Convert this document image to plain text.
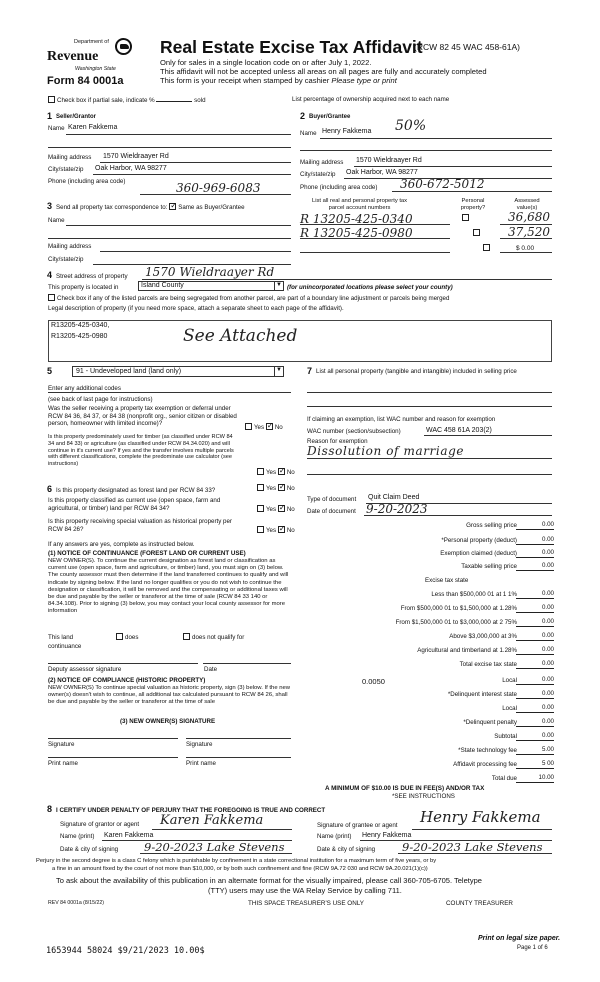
Department of
Revenue
Washington State
Form 84 0001a
Real Estate Excise Tax Affidavit
(RCW 82 45 WAC 458-61A)
Only for sales in a single location code on or after July 1, 2022.
This affidavit will not be accepted unless all areas on all pages are fully and accurately completed
This form is your receipt when stamped by cashier Please type or print
Check box if partial sale, indicate %	sold	List percentage of ownership acquired next to each name
1 Seller/Grantor
Name Karen Fakkema
Mailing address 1570 Wieldraayer Rd
City/state/zip Oak Harbor, WA 98277
Phone (including area code)	360-969-6083
2 Buyer/Grantee
Name Henry Fakkema 50%
Mailing address 1570 Wieldraayer Rd
City/state/zip Oak Harbor, WA 98277
Phone (including area code) 360-672-5012
3 Send all property tax correspondence to: ✓ Same as Buyer/Grantee
Name
Mailing address
City/state/zip
List all real and personal property tax
parcel account numbers
Personal property?
Assessed value(s)
R 13205-425-0340
	36,680
R 13205-425-0980
	37,520
$ 0.00
4 Street address of property 1570 Wieldraayer Rd
This property is located in	Island County	▼ (for unincorporated locations please select your county)
Check box if any of the listed parcels are being segregated from another parcel, are part of a boundary line adjustment or parcels being merged
Legal description of property (if you need more space, attach a separate sheet to each page of the affidavit).
R13205-425-0340,
R13205-425-0980	See Attached
5	91 - Undeveloped land (land only)	▼
Enter any additional codes
(see back of last page for instructions)
Was the seller receiving a property tax exemption or deferral under RCW 84 36, 84 37, or 84 38 (nonprofit org., senior citizen or disabled person, homeowner with limited income)?
Yes ✓ No
Is this property predominately used for timber (as classified under RCW 84 34 and 84 33) or agriculture (as classified under RCW 84.34.020) and will continue in it's current use? If yes and the transfer involves multiple parcels with different classifications, complete the predominate use calculator (see instructions)
Yes ✓ No
6 Is this property designated as forest land per RCW 84 33?	Yes ✓ No
Is this property classified as current use (open space, farm and agricultural, or timber) land per RCW 84 34?	Yes ✓ No
Is this property receiving special valuation as historical property per RCW 84 26?	Yes ✓ No
If any answers are yes, complete as instructed below.
(1) NOTICE OF CONTINUANCE (FOREST LAND OR CURRENT USE)
NEW OWNER(S). To continue the current designation as forest land or classification as current use (open space, farm and agriculture, or timber) land, you must sign on (3) below. The county assessor must then determine if the land transferred continues to qualify and will indicate by signing below. If the land no longer qualifies or you do not wish to continue the designation or classification, it will be removed and the compensating or additional taxes will be due and payable by the seller or transferor at the time of sale (RCW 84 33 140 or 84.34.108). Prior to signing (3) below, you may contact your local county assessor for more information
This land	does	does not qualify for
continuance
Deputy assessor signature	Date
(2) NOTICE OF COMPLIANCE (HISTORIC PROPERTY)
NEW OWNER(S) To continue special valuation as historic property, sign (3) below. If the new owner(s) doesn't wish to continue, all additional tax calculated pursuant to RCW 84 26, shall be due and payable by the seller or transferor at the time of sale
(3) NEW OWNER(S) SIGNATURE
Signature	Signature
Print name	Print name
7 List all personal property (tangible and intangible) included in selling price
If claiming an exemption, list WAC number and reason for exemption
WAC number (section/subsection)	WAC 458 61A 203(2)
Reason for exemption
Dissolution of marriage
Type of document Quit Claim Deed
Date of document 9-20-2023
Gross selling price	0.00
*Personal property (deduct)	0.00
Exemption claimed (deduct)	0.00
Taxable selling price	0.00
Excise tax state
Less than $500,000 01 at 1 1%	0.00
From $500,000 01 to $1,500,000 at 1.28%	0.00
From $1,500,000 01 to $3,000,000 at 2 75%	0.00
Above $3,000,000 at 3%	0.00
Agricultural and timberland at 1.28%	0.00
Total excise tax state	0.00
0.0050	Local	0.00
*Delinquent interest state	0.00
Local	0.00
*Delinquent penalty	0.00
Subtotal	0.00
*State technology fee	5.00
Affidavit processing fee	5 00
Total due	10.00
A MINIMUM OF $10.00 IS DUE IN FEE(S) AND/OR TAX
*SEE INSTRUCTIONS
8 I CERTIFY UNDER PENALTY OF PERJURY THAT THE FOREGOING IS TRUE AND CORRECT
Signature of grantor or agent Karen Fakkema
Name (print) Karen Fakkema
Date & city of signing 9-20-2023 Lake Stevens
Signature of grantee or agent Henry Fakkema
Name (print) Henry Fakkema
Date & city of signing 9-20-2023 Lake Stevens
Perjury in the second degree is a class C felony which is punishable by confinement in a state correctional institution for a maximum term of five years, or by
a fine in an amount fixed by the court of not more than $10,000, or by both such confinement and fine (RCW 9A.72 030 and RCW 9A.20.021(1)(c))
To ask about the availability of this publication in an alternate format for the visually impaired, please call 360-705-6705. Teletype
(TTY) users may use the WA Relay Service by calling 711.
REV 84 0001a (8/15/22)	THIS SPACE TREASURER'S USE ONLY	COUNTY TREASURER
1653944 58024 $9/21/2023 10.00$
Print on legal size paper.
Page 1 of 6
